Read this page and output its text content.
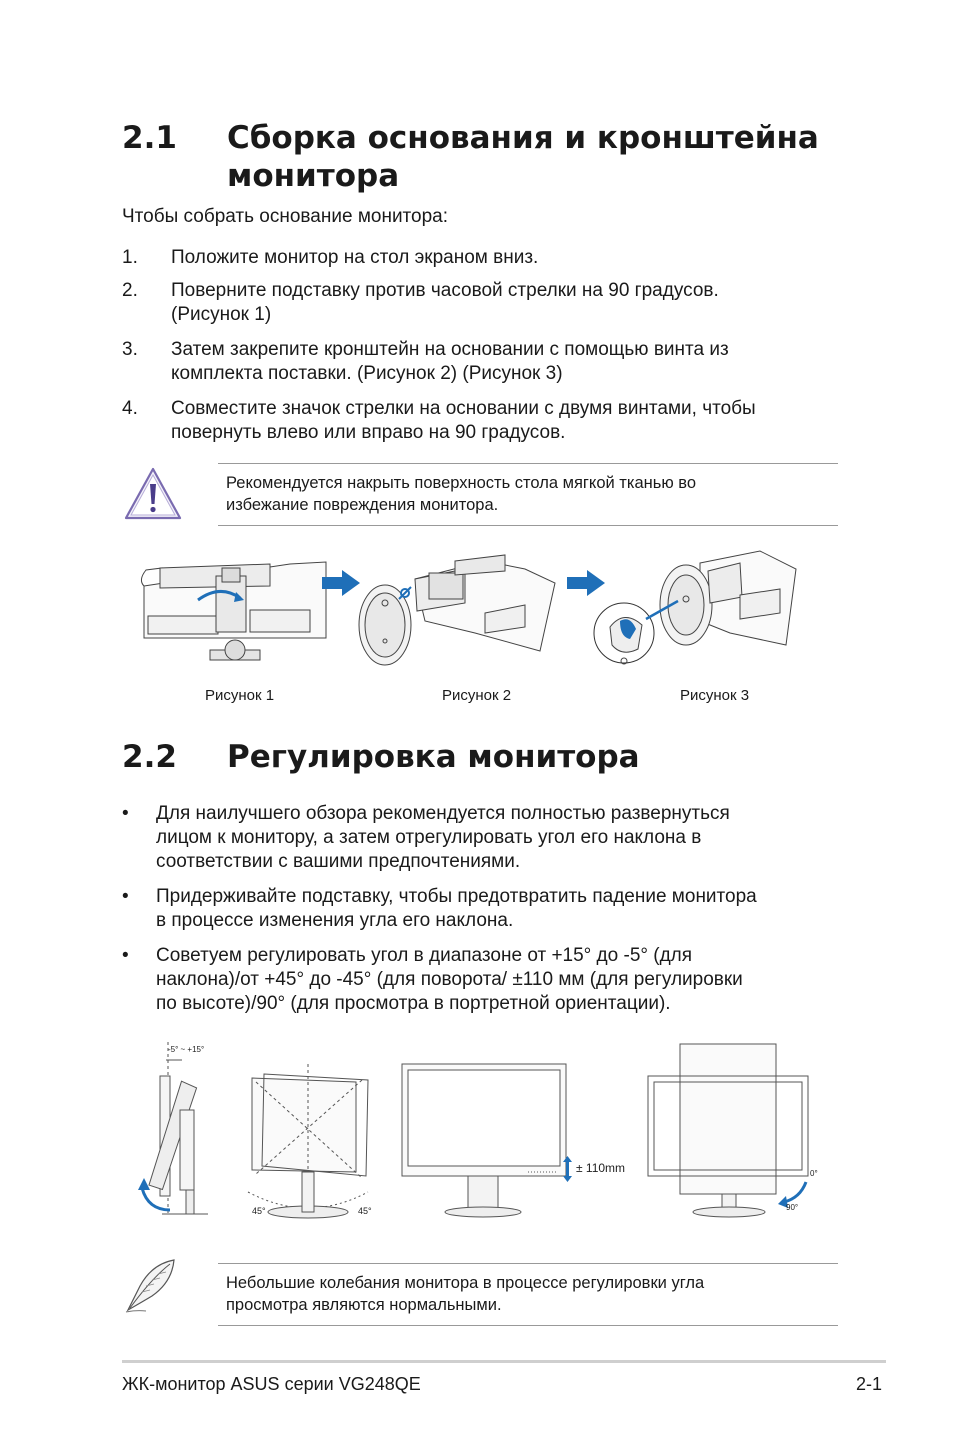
2.1 Сборка основания и кронштейна
монитора
Чтобы собрать основание монитора:
1.	Положите монитор на стол экраном вниз.
2.	Поверните подставку против часовой стрелки на 90 градусов.
(Рисунок 1)
3.	Затем закрепите кронштейн на основании с помощью винта из
комплекта поставки. (Рисунок 2) (Рисунок 3)
4.	Совместите значок стрелки на основании с двумя винтами, чтобы
повернуть влево или вправо на 90 градусов.
Рекомендуется накрыть поверхность стола мягкой тканью во
избежание повреждения монитора.
Рисунок 1	Рисунок 2	Рисунок 3
2.2 Регулировка монитора
• Для наилучшего обзора рекомендуется полностью развернуться
лицом к монитору, а затем отрегулировать угол его наклона в
соответствии с вашими предпочтениями.
• Придерживайте подставку, чтобы предотвратить падение монитора
в процессе изменения угла его наклона.
• Советуем регулировать угол в диапазоне от +15° до -5° (для
наклона)/от +45° до -45° (для поворота/ ±110 мм (для регулировки
по высоте)/90° (для просмотра в портретной ориентации).
-5° ~ +15°
45°	45°
± 110mm	0°
90°
Небольшие колебания монитора в процессе регулировки угла
просмотра являются нормальными.
ЖК-монитор ASUS серии VG248QE	2-1
